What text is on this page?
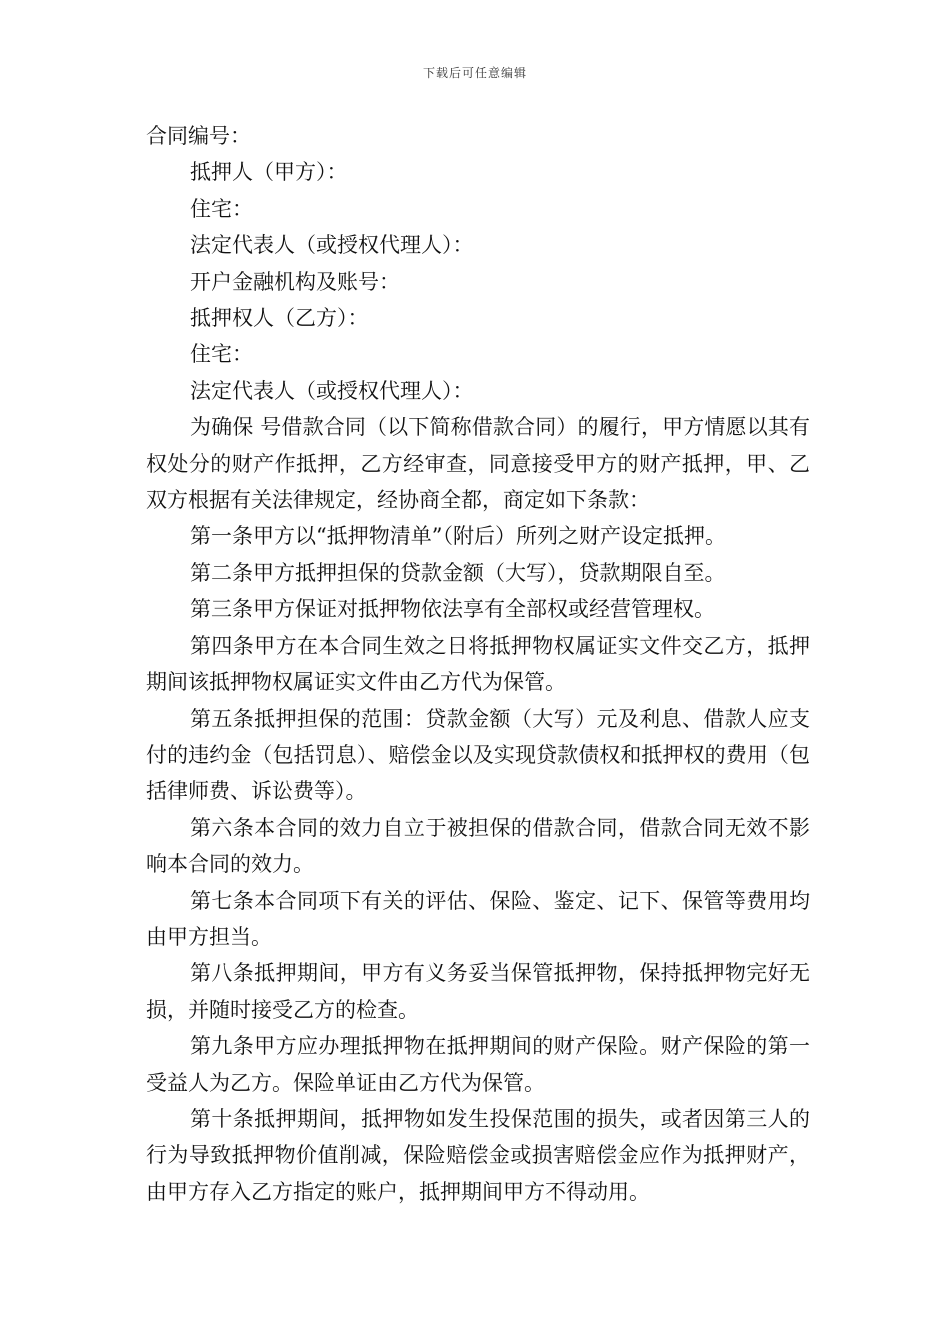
下载后可任意编辑

合同编号：

抵押人（甲方）：

住宅：

法定代表人（或授权代理人）：

开户金融机构及账号：

抵押权人（乙方）：

住宅：

法定代表人（或授权代理人）：

为确保 号借款合同（以下简称借款合同）的履行，甲方情愿以其有权处分的财产作抵押，乙方经审查，同意接受甲方的财产抵押，甲、乙双方根据有关法律规定，经协商全都，商定如下条款：

第一条甲方以“抵押物清单”（附后）所列之财产设定抵押。

第二条甲方抵押担保的贷款金额（大写），贷款期限自至。

第三条甲方保证对抵押物依法享有全部权或经营管理权。

第四条甲方在本合同生效之日将抵押物权属证实文件交乙方，抵押期间该抵押物权属证实文件由乙方代为保管。

第五条抵押担保的范围：贷款金额（大写）元及利息、借款人应支付的违约金（包括罚息）、赔偿金以及实现贷款债权和抵押权的费用（包括律师费、诉讼费等）。

第六条本合同的效力自立于被担保的借款合同，借款合同无效不影响本合同的效力。

第七条本合同项下有关的评估、保险、鉴定、记下、保管等费用均由甲方担当。

第八条抵押期间，甲方有义务妥当保管抵押物，保持抵押物完好无损，并随时接受乙方的检查。

第九条甲方应办理抵押物在抵押期间的财产保险。财产保险的第一受益人为乙方。保险单证由乙方代为保管。

第十条抵押期间，抵押物如发生投保范围的损失，或者因第三人的行为导致抵押物价值削减，保险赔偿金或损害赔偿金应作为抵押财产，由甲方存入乙方指定的账户，抵押期间甲方不得动用。
